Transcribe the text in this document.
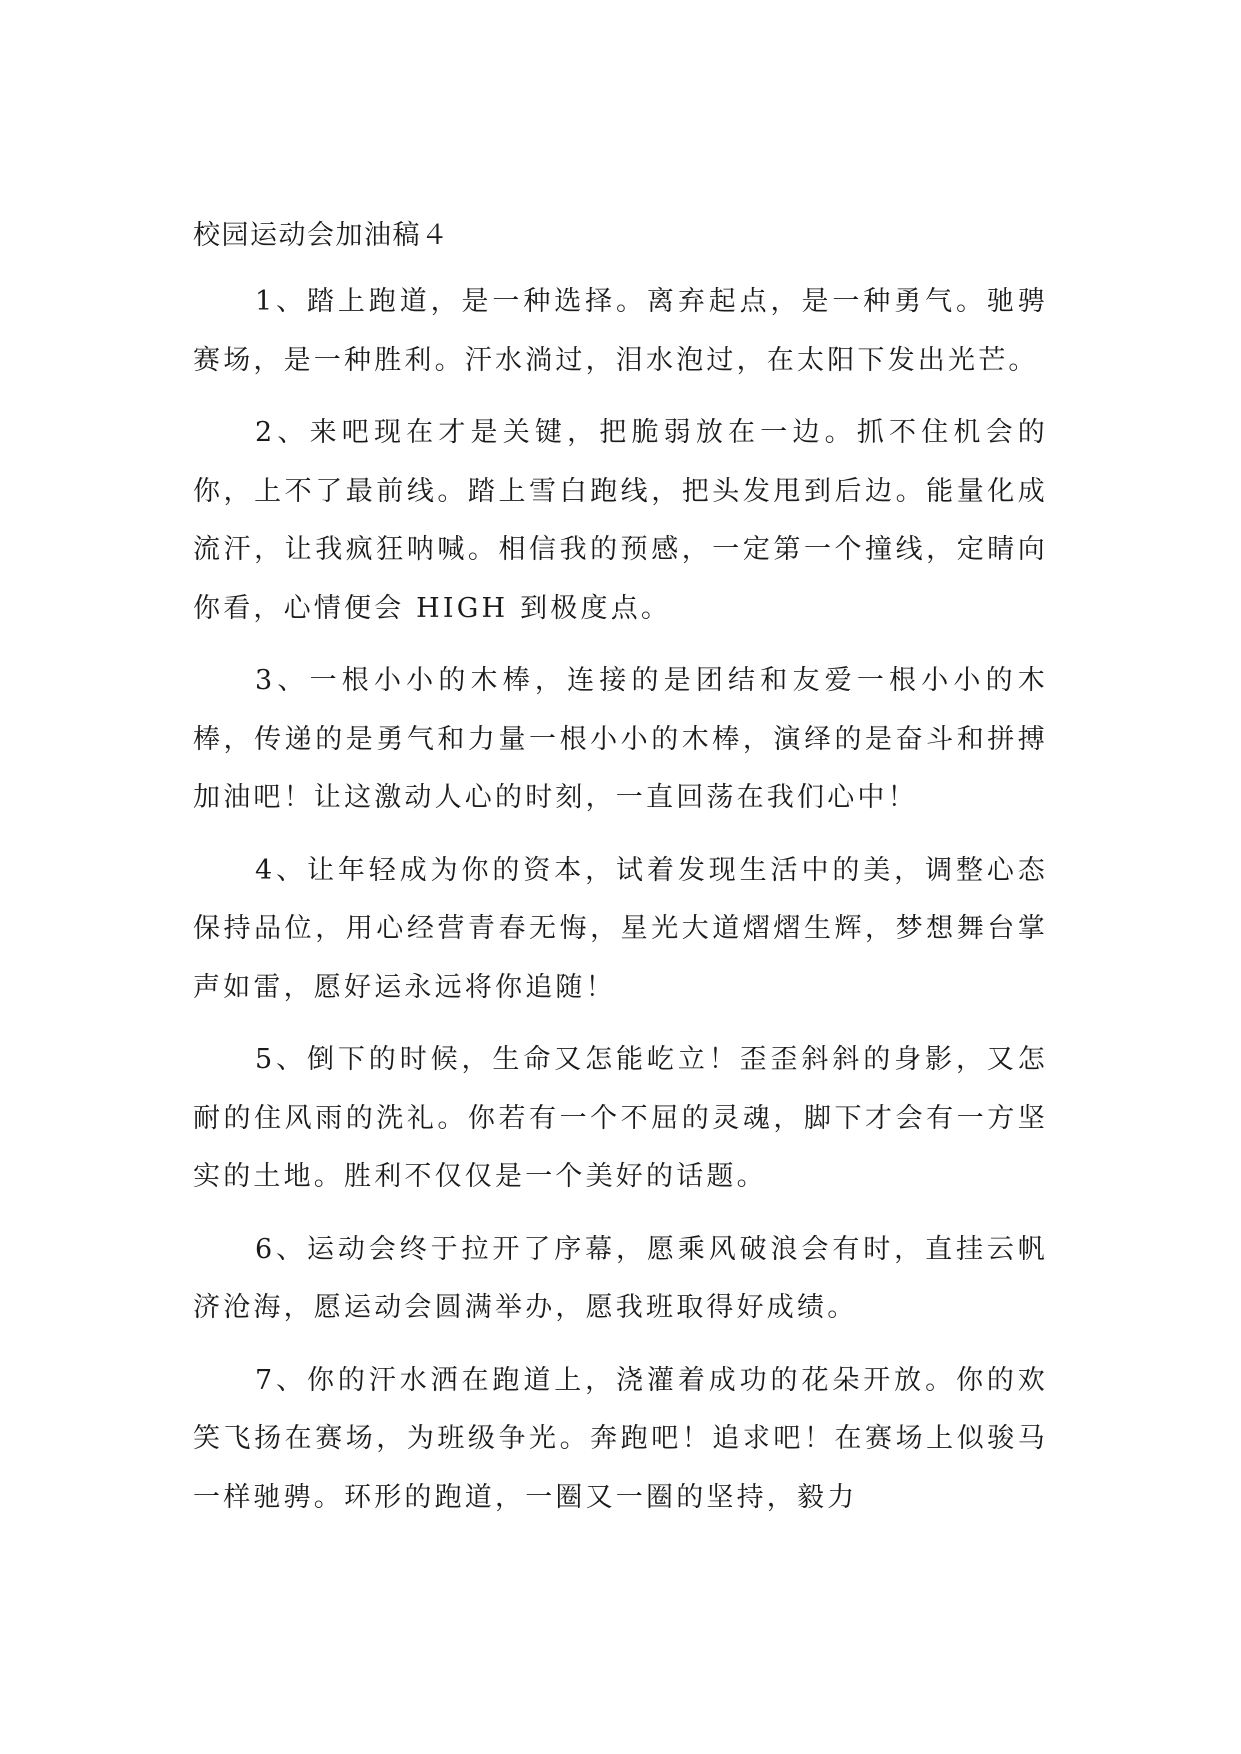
校园运动会加油稿４

1、踏上跑道，是一种选择。离弃起点，是一种勇气。驰骋赛场，是一种胜利。汗水淌过，泪水泡过，在太阳下发出光芒。

2、来吧现在才是关键，把脆弱放在一边。抓不住机会的你，上不了最前线。踏上雪白跑线，把头发甩到后边。能量化成流汗，让我疯狂呐喊。相信我的预感，一定第一个撞线，定睛向你看，心情便会 HIGH 到极度点。

3、一根小小的木棒，连接的是团结和友爱一根小小的木棒，传递的是勇气和力量一根小小的木棒，演绎的是奋斗和拼搏加油吧！让这激动人心的时刻，一直回荡在我们心中！

4、让年轻成为你的资本，试着发现生活中的美，调整心态保持品位，用心经营青春无悔，星光大道熠熠生辉，梦想舞台掌声如雷，愿好运永远将你追随！

5、倒下的时候，生命又怎能屹立！歪歪斜斜的身影，又怎耐的住风雨的洗礼。你若有一个不屈的灵魂，脚下才会有一方坚实的土地。胜利不仅仅是一个美好的话题。

6、运动会终于拉开了序幕，愿乘风破浪会有时，直挂云帆济沧海，愿运动会圆满举办，愿我班取得好成绩。

7、你的汗水洒在跑道上，浇灌着成功的花朵开放。你的欢笑飞扬在赛场，为班级争光。奔跑吧！追求吧！在赛场上似骏马一样驰骋。环形的跑道，一圈又一圈的坚持，毅力
